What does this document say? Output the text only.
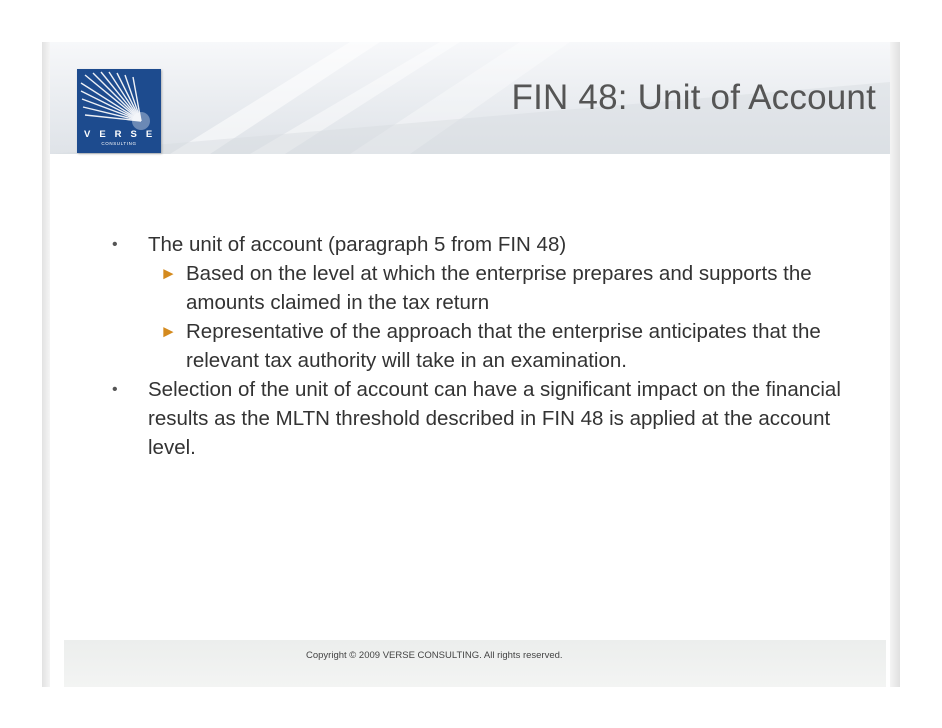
FIN 48: Unit of Account
VERSE
CONSULTING
• The unit of account (paragraph 5 from FIN 48)
► Based on the level at which the enterprise prepares and supports the amounts claimed in the tax return
► Representative of the approach that the enterprise anticipates that the relevant tax authority will take in an examination.
• Selection of the unit of account can have a significant impact on the financial results as the MLTN threshold described in FIN 48 is applied at the account level.
Copyright © 2009 VERSE CONSULTING. All rights reserved.
